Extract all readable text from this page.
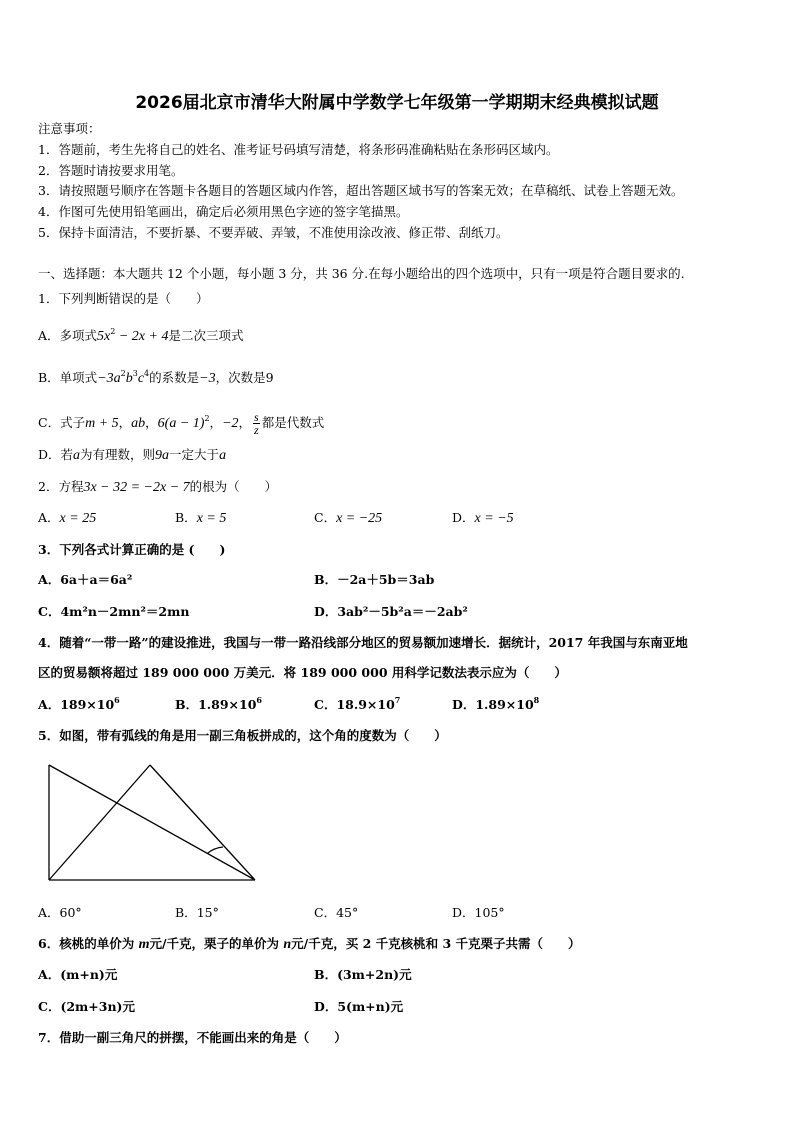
2026届北京市清华大附属中学数学七年级第一学期期末经典模拟试题
注意事项：
1．答题前，考生先将自己的姓名、准考证号码填写清楚，将条形码准确粘贴在条形码区域内。
2．答题时请按要求用笔。
3．请按照题号顺序在答题卡各题目的答题区域内作答，超出答题区域书写的答案无效；在草稿纸、试卷上答题无效。
4．作图可先使用铅笔画出，确定后必须用黑色字迹的签字笔描黑。
5．保持卡面清洁，不要折暴、不要弄破、弄皱，不准使用涂改液、修正带、刮纸刀。
一、选择题：本大题共 12 个小题，每小题 3 分，共 36 分.在每小题给出的四个选项中，只有一项是符合题目要求的.
1．下列判断错误的是（　　）
A．多项式$5x^2 - 2x + 4$是二次三项式
B．单项式$-3a^2b^3c^4$的系数是−3，次数是9
C．式子m + 5，ab，$6(a - 1)^2$，−2， $\frac{s}{z}$ 都是代数式
D．若a为有理数，则9a一定大于a
2．方程3x − 32 = −2x − 7的根为（　　）
A．x = 25	B．x = 5	C．x = −25	D．x = −5
3．下列各式计算正确的是 (　　)
A．6a＋a＝6a²	B．－2a＋5b＝3ab
C．4m²n－2mn²＝2mn	D．3ab²－5b²a＝－2ab²
4．随着“一带一路”的建设推进，我国与一带一路沿线部分地区的贸易额加速增长．据统计，2017 年我国与东南亚地
区的贸易额将超过 189 000 000 万美元．将 189 000 000 用科学记数法表示应为（　　）
A．$189\times 10^6$	B．$1.89\times 10^6$	C．$18.9\times 10^7$	D．$1.89\times 10^8$
5．如图，带有弧线的角是用一副三角板拼成的，这个角的度数为（　　）
A．60°	B．15°	C．45°	D．105°
6．核桃的单价为 m元/千克，栗子的单价为 n元/千克，买 2 千克核桃和 3 千克栗子共需（　　）
A．(m+n)元	B．(3m+2n)元
C．(2m+3n)元	D．5(m+n)元
7．借助一副三角尺的拼摆，不能画出来的角是（　　）
